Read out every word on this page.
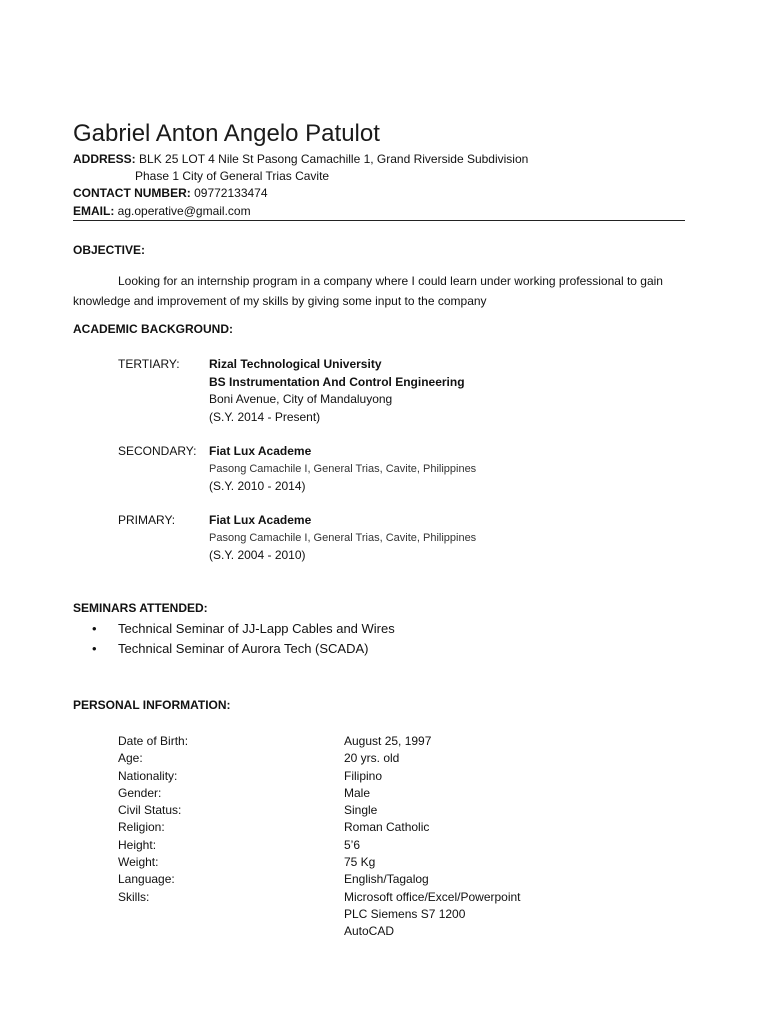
Gabriel Anton Angelo Patulot
ADDRESS: BLK 25 LOT 4 Nile St Pasong Camachille 1, Grand Riverside Subdivision
Phase 1 City of General Trias Cavite
CONTACT NUMBER: 09772133474
EMAIL: ag.operative@gmail.com
OBJECTIVE:
Looking for an internship program in a company where I could learn under working professional to gain knowledge and improvement of my skills by giving some input to the company
ACADEMIC BACKGROUND:
TERTIARY: Rizal Technological University
BS Instrumentation And Control Engineering
Boni Avenue, City of Mandaluyong
(S.Y. 2014 - Present)
SECONDARY: Fiat Lux Academe
Pasong Camachile I, General Trias, Cavite, Philippines
(S.Y. 2010 - 2014)
PRIMARY:	Fiat Lux Academe
Pasong Camachile I, General Trias, Cavite, Philippines
(S.Y. 2004 - 2010)
SEMINARS ATTENDED:
• Technical Seminar of JJ-Lapp Cables and Wires
• Technical Seminar of Aurora Tech (SCADA)
PERSONAL INFORMATION:
Date of Birth:
Age:
Nationality:
Gender:
Civil Status:
Religion:
Height:
Weight:
Language:
Skills:
August 25, 1997
20 yrs. old
Filipino
Male
Single
Roman Catholic
5’6
75 Kg
English/Tagalog
Microsoft office/Excel/Powerpoint
PLC Siemens S7 1200
AutoCAD
